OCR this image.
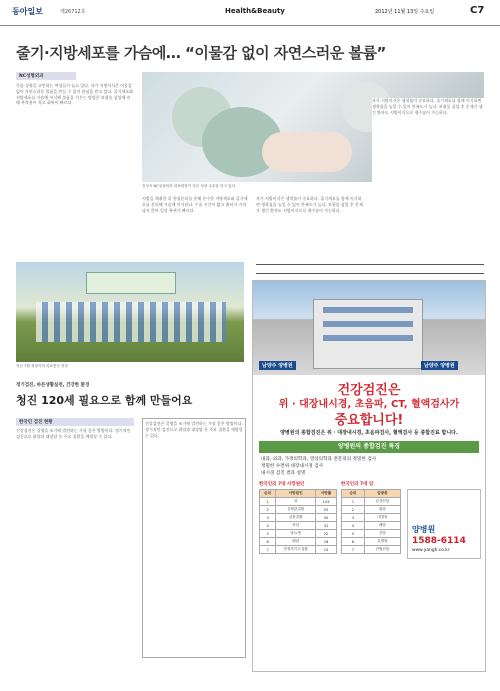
동아일보	제26712호	Health&Beauty	2012년 11월 13일 수요일	C7
줄기·지방세포를 가슴에… “이물감 없이 자연스러운 볼륨”
NC성형외과
가슴 성형을 고민하는 여성들이 늘고 있다. 자가 지방이식은 이물감 없이 자연스러운 볼륨을 만들 수 있어 관심을 받고 있다. 줄기세포와 지방세포를 가슴에 이식해 볼륨을 키우는 방법은 보형물 삽입에 비해 부작용이 적고 회복이 빠르다.
유상욱 NC성형외과 대표원장이 가슴 성형 수술을 하고 있다.
지방을 채취한 뒤 원심분리를 통해 순수한 지방세포와 줄기세포를 분리해 가슴에 이식한다. 수술 시간이 짧고 흉터가 거의 남지 않아 일상 복귀가 빠르다.
자가 지방이식은 생착률이 중요하다. 줄기세포를 함께 이식하면 생착률을 높일 수 있어 만족도가 높다. 보형물 삽입 후 문제가 생긴 환자도 지방이식으로 재수술이 가능하다.
자가 지방이식은 생착률이 중요하다. 줄기세포를 함께 이식하면 생착률을 높일 수 있어 만족도가 높다. 보형물 삽입 후 문제가 생긴 환자도 지방이식으로 재수술이 가능하다.
지난 7월 청정지역 의료봉사 현장
정기검진, 바른생활실천, 건강한 환경
청진 120세 필요으로 함께 만들어요
한국인 검진 현황
건강검진은 질병을 조기에 발견하는 가장 좋은 방법이다. 정기적인 검진으로 위암과 대장암 등 주요 질환을 예방할 수 있다.
건강검진은 질병을 조기에 발견하는 가장 좋은 방법이다. 정기적인 검진으로 위암과 대장암 등 주요 질환을 예방할 수 있다.
남양주 양병원	남양주 양병원
건강검진은
위 · 대장내시경, 초음파, CT, 혈액검사가
중요합니다!
양병원의 종합검진은 위 · 대장내시경, 초음파검사, 혈액검사 등 종합진료 합니다.
양병원의 종합검진 특징
내과, 외과, 가정의학과, 영상의학과 전문의의 정밀한 검사
정밀한 수면위·대장내시경 검사
내시경 검진 결과 설명
한국인의 7대 사망원인	한국인의 7대 암
순위	사망원인	사망률
1	암	143
2	심혈관질환	55
3	심장질환	50
4	자살	31
5	당뇨병	22
6	폐렴	18
7	만성하기도질환	15
순위	암종류
1	갑상선암
2	위암
3	대장암
4	폐암
5	간암
6	유방암
7	전립선암
1588-6114
www.yangh.co.kr
양병원
